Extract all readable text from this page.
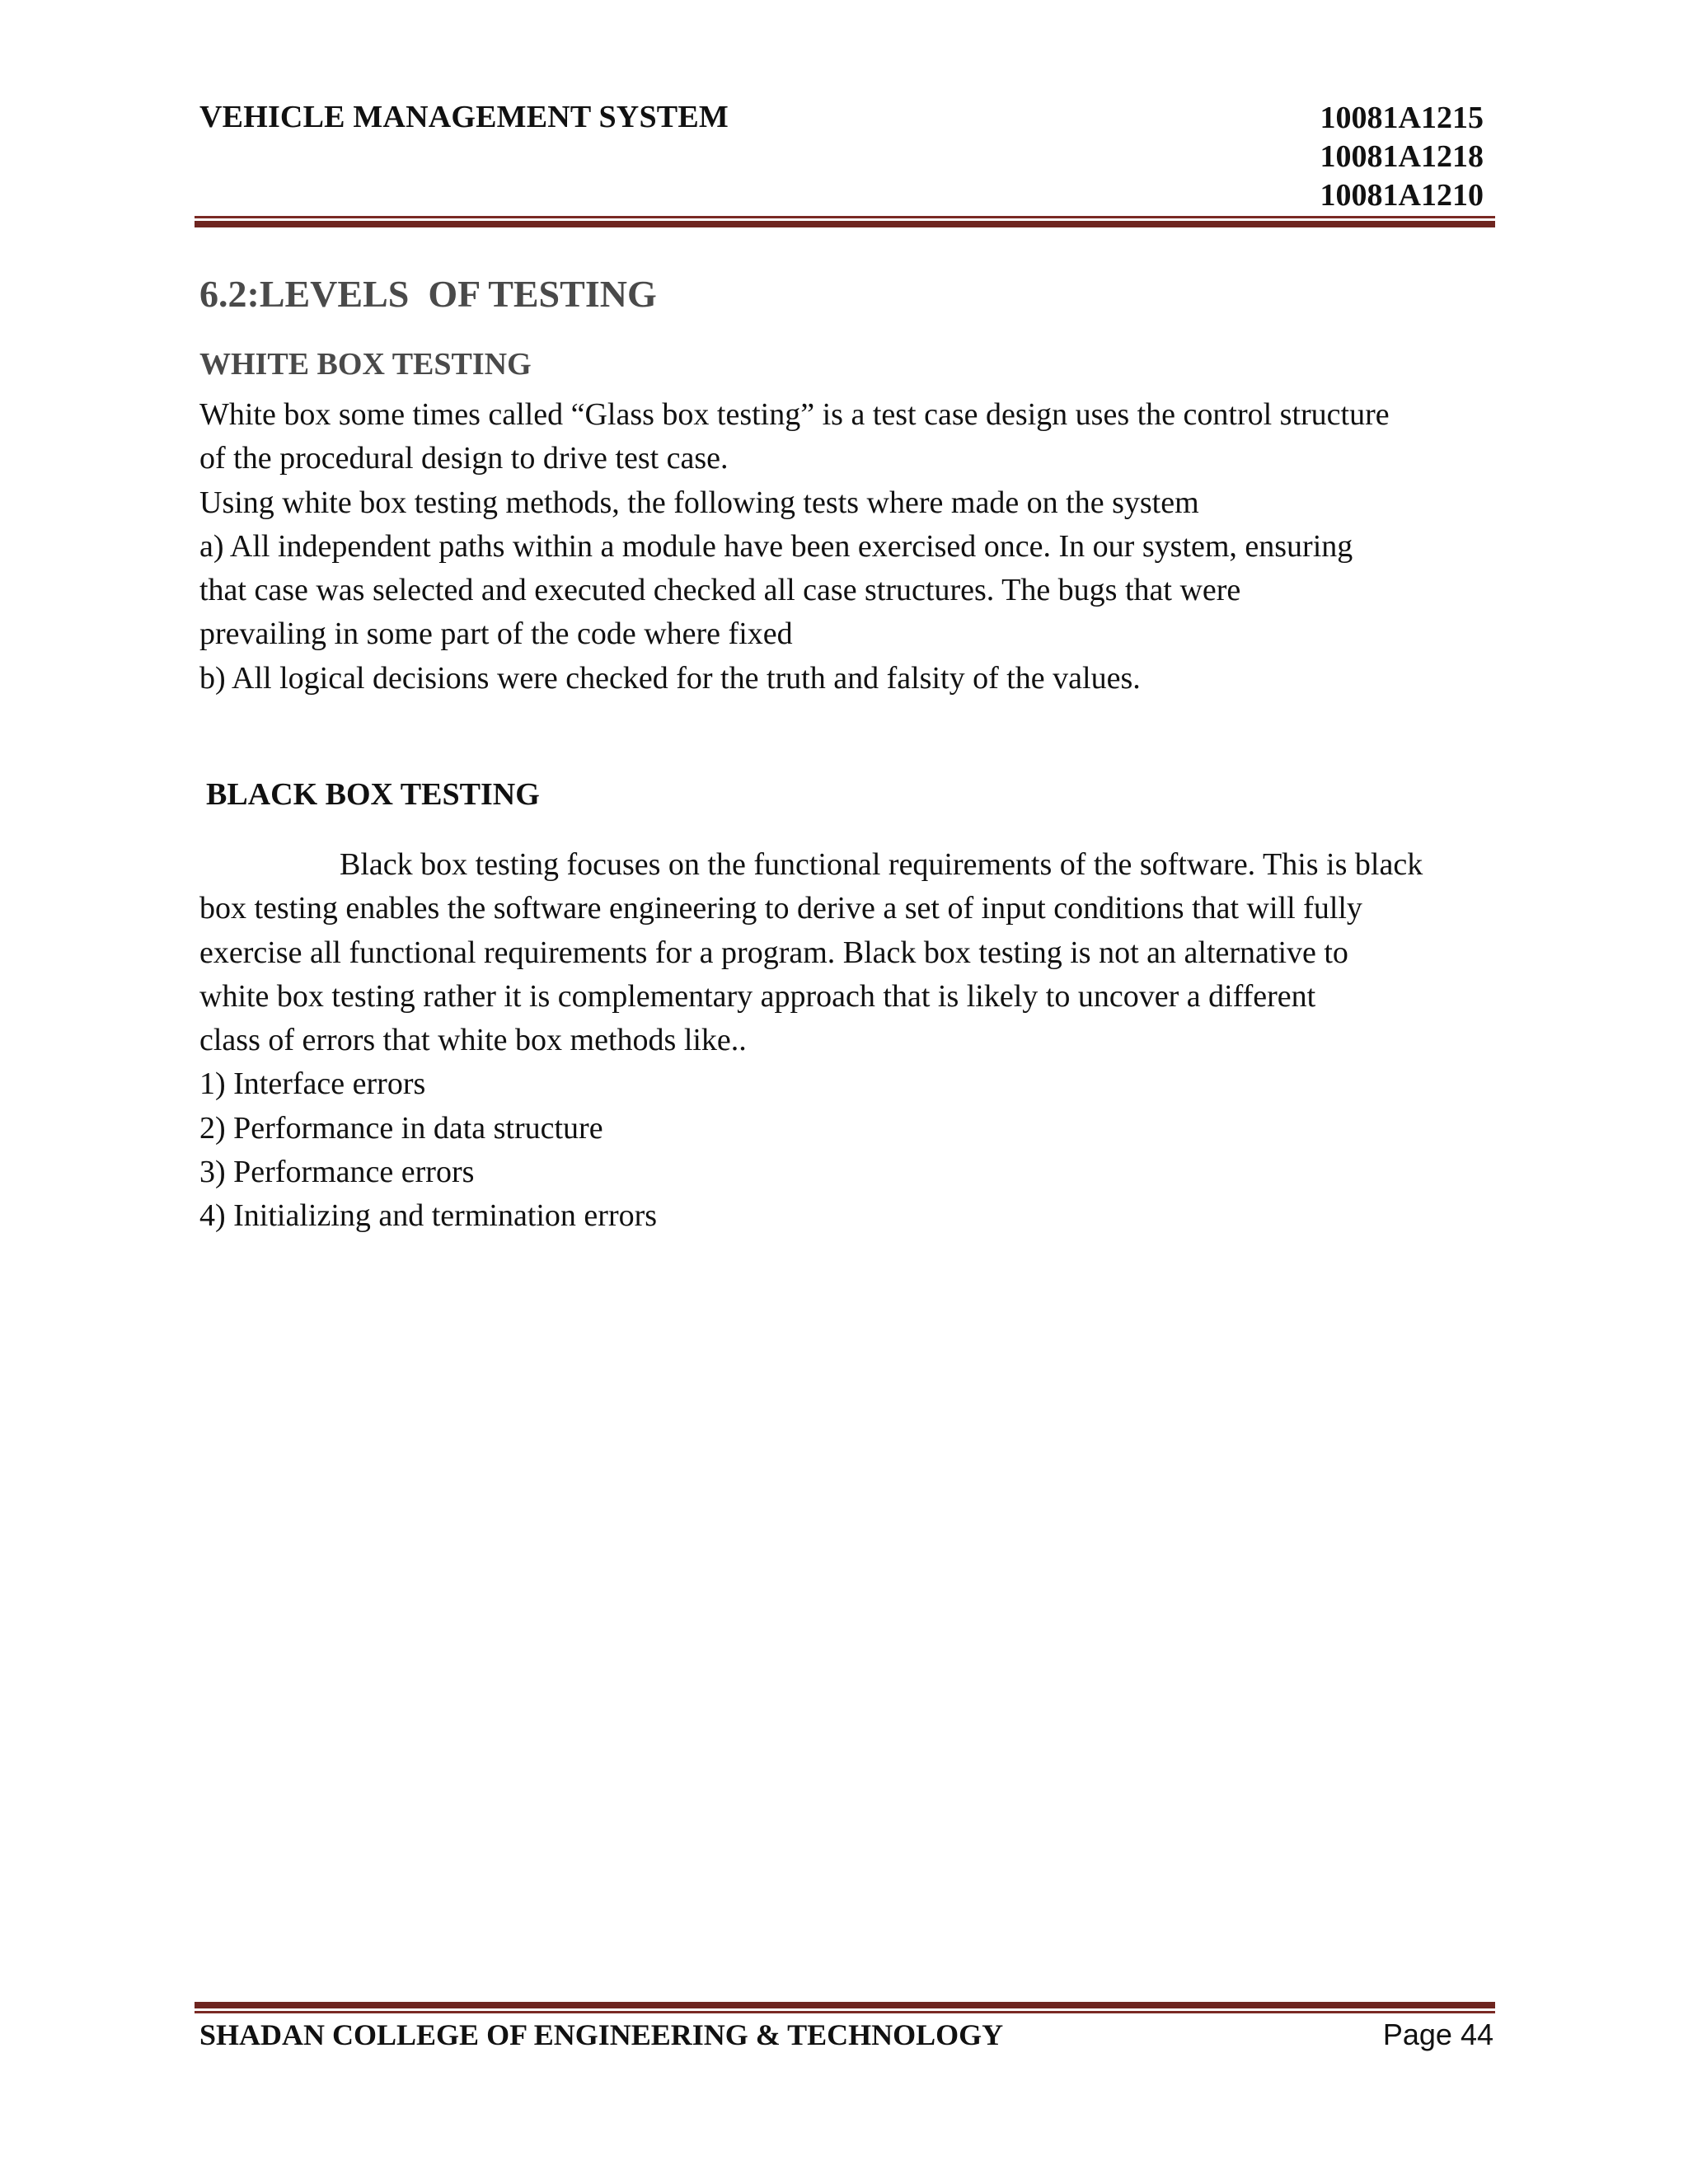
VEHICLE MANAGEMENT SYSTEM	10081A1215
10081A1218
10081A1210
6.2:LEVELS  OF TESTING
WHITE BOX TESTING
White box some times called “Glass box testing” is a test case design uses the control structure
of the procedural design to drive test case.
Using white box testing methods, the following tests where made on the system
a) All independent paths within a module have been exercised once. In our system, ensuring
that case was selected and executed checked all case structures. The bugs that were
prevailing in some part of the code where fixed
b) All logical decisions were checked for the truth and falsity of the values.
BLACK BOX TESTING
Black box testing focuses on the functional requirements of the software. This is black
box testing enables the software engineering to derive a set of input conditions that will fully
exercise all functional requirements for a program. Black box testing is not an alternative to
white box testing rather it is complementary approach that is likely to uncover a different
class of errors that white box methods like..
1) Interface errors
2) Performance in data structure
3) Performance errors
4) Initializing and termination errors
SHADAN COLLEGE OF ENGINEERING & TECHNOLOGY	Page 44
